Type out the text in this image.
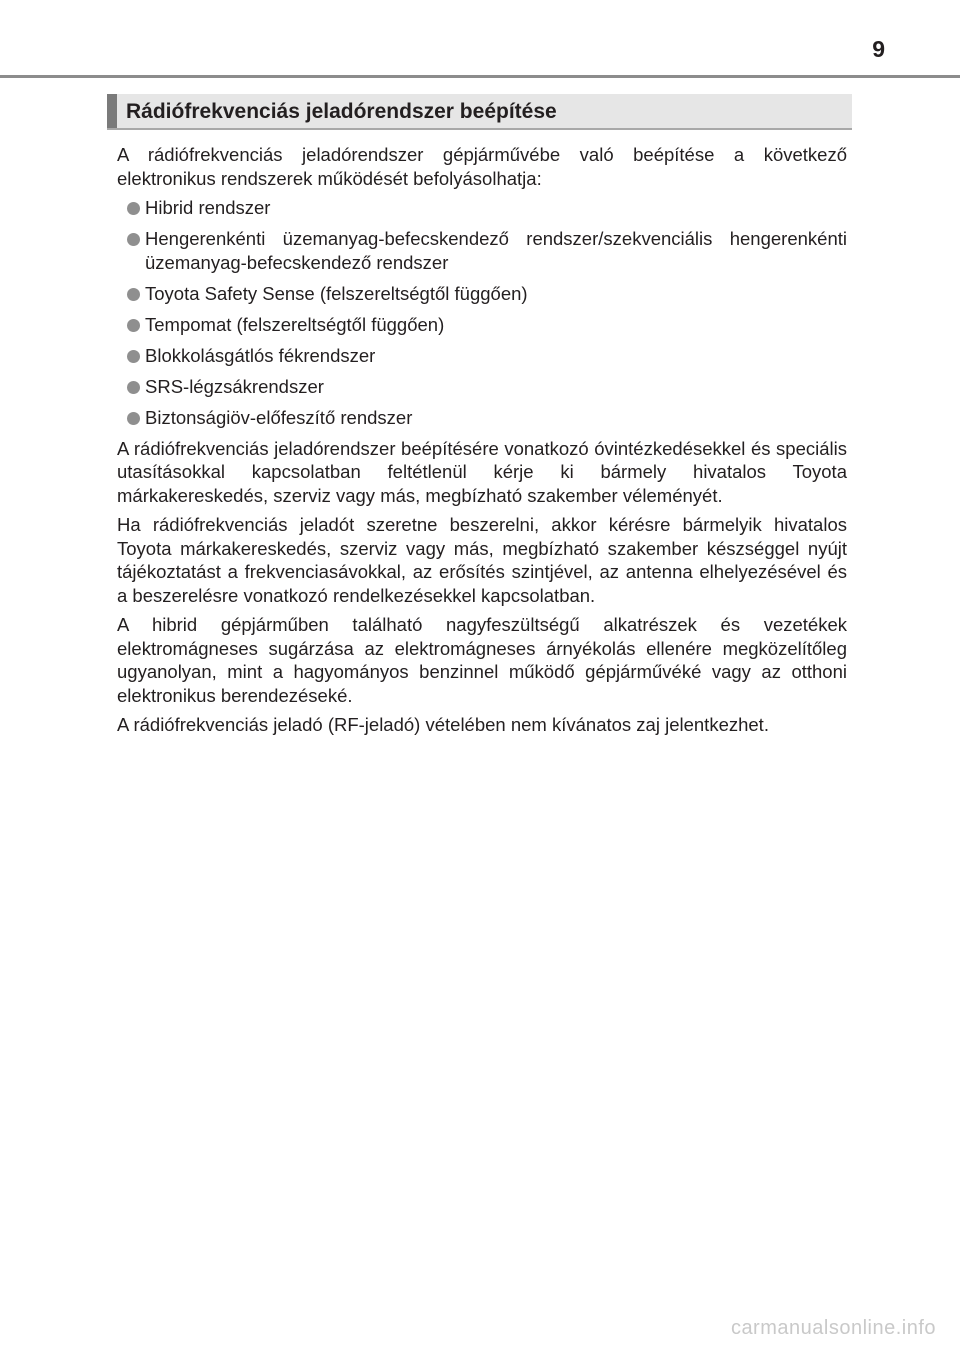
9
Rádiófrekvenciás jeladórendszer beépítése

A rádiófrekvenciás jeladórendszer gépjárművébe való beépítése a következő elektronikus rendszerek működését befolyásolhatja:

Hibrid rendszer
Hengerenkénti üzemanyag-befecskendező rendszer/szekvenciális hengerenkénti üzemanyag-befecskendező rendszer
Toyota Safety Sense (felszereltségtől függően)
Tempomat (felszereltségtől függően)
Blokkolásgátlós fékrendszer
SRS-légzsákrendszer
Biztonságiöv-előfeszítő rendszer

A rádiófrekvenciás jeladórendszer beépítésére vonatkozó óvintézkedésekkel és speciális utasításokkal kapcsolatban feltétlenül kérje ki bármely hivatalos Toyota márkakereskedés, szerviz vagy más, megbízható szakember véleményét.

Ha rádiófrekvenciás jeladót szeretne beszerelni, akkor kérésre bármelyik hivatalos Toyota márkakereskedés, szerviz vagy más, megbízható szakember készséggel nyújt tájékoztatást a frekvenciasávokkal, az erősítés szintjével, az antenna elhelyezésével és a beszerelésre vonatkozó rendelkezésekkel kapcsolatban.

A hibrid gépjárműben található nagyfeszültségű alkatrészek és vezetékek elektromágneses sugárzása az elektromágneses árnyékolás ellenére megközelítőleg ugyanolyan, mint a hagyományos benzinnel működő gépjárművéké vagy az otthoni elektronikus berendezéseké.

A rádiófrekvenciás jeladó (RF-jeladó) vételében nem kívánatos zaj jelentkezhet.

carmanualsonline.info
